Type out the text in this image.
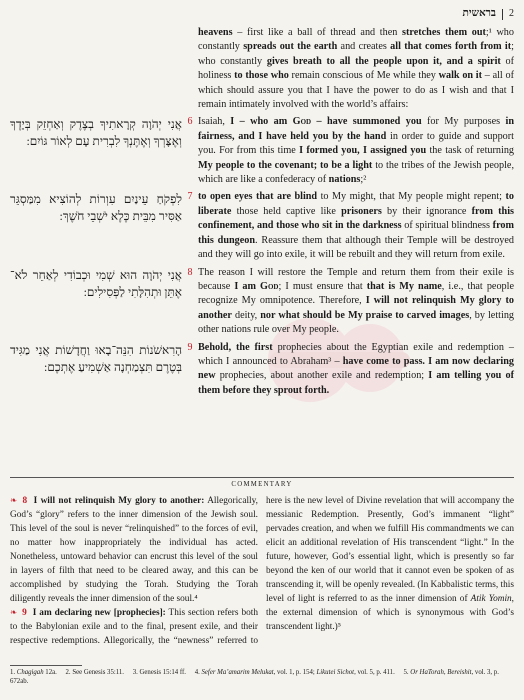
בראשית 2
heavens – first like a ball of thread and then stretches them out;¹ who constantly spreads out the earth and creates all that comes forth from it; who constantly gives breath to all the people upon it, and a spirit of holiness to those who remain conscious of Me while they walk on it – all of which should assure you that I have the power to do as I wish and that I remain intimately involved with the world’s affairs:
אֲנִי יְהֹוָה קְרָאתִיךָ בְצֶדֶק וְאַחְזֵק בְּיָדֶךָ
וְאֶצָּרְךָ וְאֶתֶּנְךָ לִבְרִית עָם לְאוֹר גּוֹיִם:
6 Isaiah, I – who am God – have summoned you for My purposes in fairness, and I have held you by the hand in order to guide and support you. For from this time I formed you, I assigned you the task of returning My people to the covenant; to be a light to the tribes of the Jewish people, which are like a confederacy of nations;²
לִפְקֹחַ עֵינַיִם עִוְרוֹת לְהוֹצִיא מִמַּסְגֵּר
אַסִּיר מִבֵּית כֶּלֶא יֹשְׁבֵי חֹשֶׁךְ:
7 to open eyes that are blind to My might, that My people might repent; to liberate those held captive like prisoners by their ignorance from this confinement, and those who sit in the darkness of spiritual blindness from this dungeon. Reassure them that although their Temple will be destroyed and they will go into exile, it will be rebuilt and they will return from exile.
אֲנִי יְהֹוָה הוּא שְׁמִי וּכְבוֹדִי לְאַחֵר לֹא־
אֶתֵּן וּתְהִלָּתִי לַפְּסִילִים:
8 The reason I will restore the Temple and return them from their exile is because I am God; I must ensure that that is My name, i.e., that people recognize My omnipotence. Therefore, I will not relinquish My glory to another deity, nor what should be My praise to carved images, by letting other nations rule over My people.
הָרִאשֹׁנוֹת הִנֵּה־בָאוּ וַחֲדָשׁוֹת אֲנִי מַגִּיד
בְּטֶרֶם תִּצְמַחְנָה אַשְׁמִיעַ אֶתְכֶם:
9 Behold, the first prophecies about the Egyptian exile and redemption – which I announced to Abraham³ – have come to pass. I am now declaring new prophecies, about another exile and redemption; I am telling you of them before they sprout forth.
COMMENTARY

❧ 8 I will not relinquish My glory to another: Allegorically, God’s “glory” refers to the inner dimension of the Jewish soul. This level of the soul is never “relinquished” to the forces of evil, no matter how inappropriately the individual has acted. Nonetheless, untoward behavior can encrust this level of the soul in layers of filth that need to be cleared away, and this can be accomplished by studying the Torah. Studying the Torah diligently reveals the inner dimension of the soul.⁴

❧ 9 I am declaring new [prophecies]: This section refers both to the Babylonian exile and to the final, present exile, and their respective redemptions. Allegorically, the “newness” referred to here is the new level of Divine revelation that will accompany the messianic Redemption. Presently, God’s immanent “light” pervades creation, and when we fulfill His commandments we can elicit an additional revelation of His transcendent “light.” In the future, however, God’s essential light, which is presently so far beyond the ken of our world that it cannot even be spoken of as transcending it, will be openly revealed. (In Kabbalistic terms, this level of light is referred to as the inner dimension of Atik Yomin, the external dimension of which is synonymous with God’s transcendent light.)⁵

1. Chagigah 12a. 2. See Genesis 35:11. 3. Genesis 15:14 ff. 4. Sefer Ma’amarim Melukat, vol. 1, p. 154; Likutei Sichot, vol. 5, p. 411. 5. Or HaTorah, Bereishit, vol. 3, p. 672ab.
